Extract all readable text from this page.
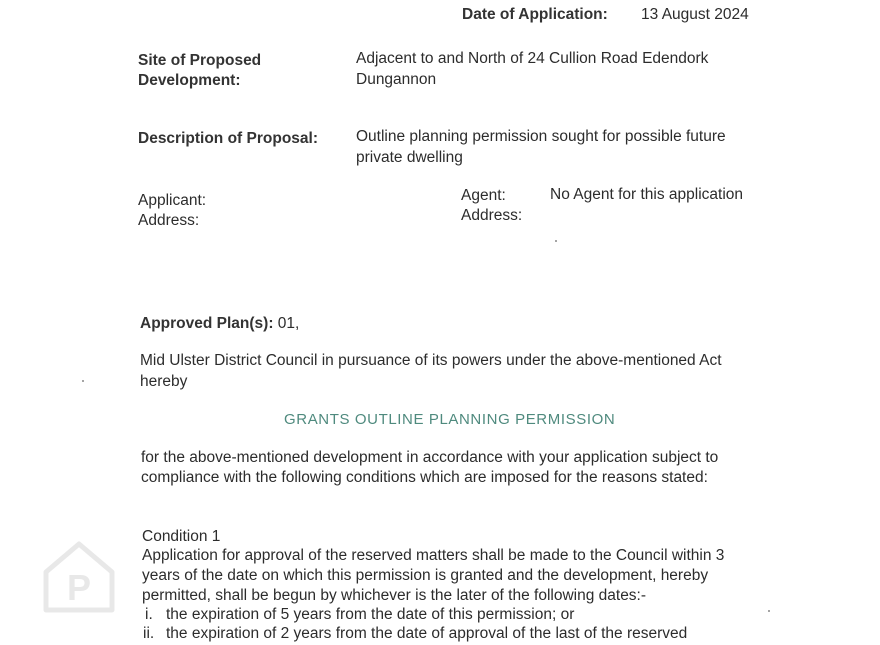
Date of Application: 13 August 2024
Site of Proposed
Development:
Adjacent to and North of 24 Cullion Road Edendork
Dungannon
Description of Proposal: Outline planning permission sought for possible future
private dwelling
Applicant:
Address:
Agent:	No Agent for this application
Address:
Approved Plan(s): 01,
Mid Ulster District Council in pursuance of its powers under the above-mentioned Act
hereby
GRANTS OUTLINE PLANNING PERMISSION
for the above-mentioned development in accordance with your application subject to
compliance with the following conditions which are imposed for the reasons stated:
Condition 1
Application for approval of the reserved matters shall be made to the Council within 3
years of the date on which this permission is granted and the development, hereby
permitted, shall be begun by whichever is the later of the following dates:-
i. the expiration of 5 years from the date of this permission; or
ii. the expiration of 2 years from the date of approval of the last of the reserved
P
